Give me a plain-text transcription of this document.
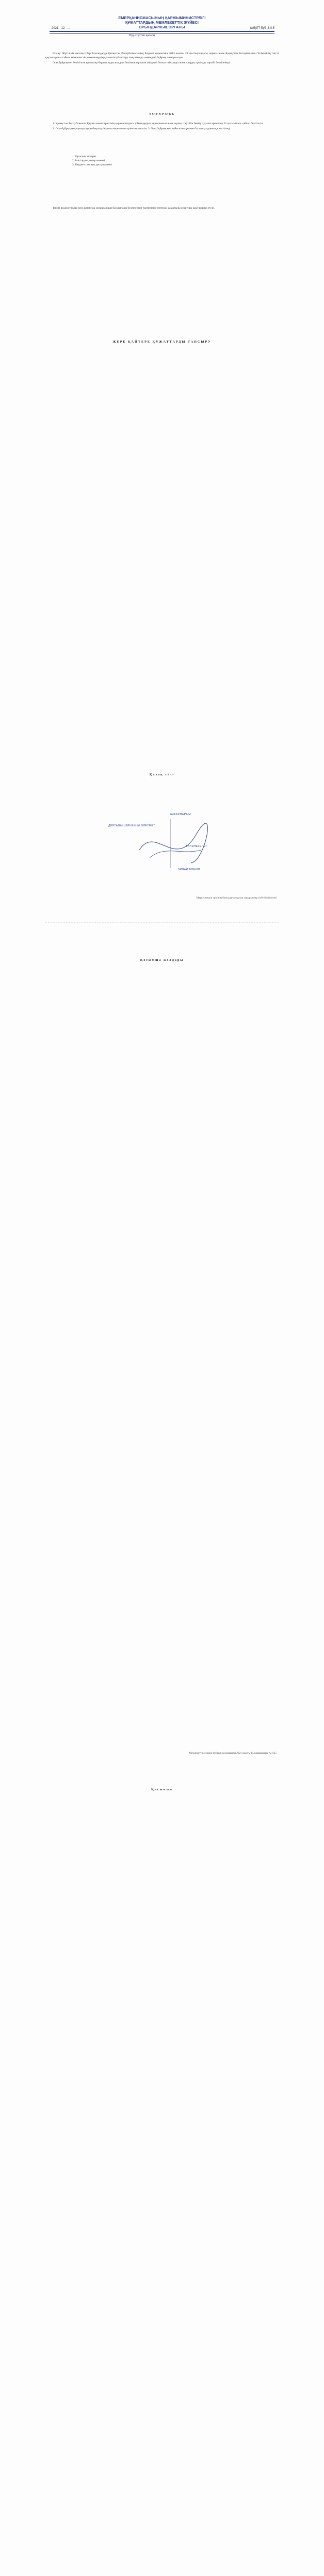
ЕМЕРҚАНИСМАСЫНЫҢ ҚАРЖЫМИНИСТРЛІГІ
ҚҰЖАТТАРДЫҢ МЕМЛЕКЕТТІК ЖҮЙЕСІ
ОРЫНДАРЛЫҚ ОРГАНЫ
2021 · 12 · ...	№5(ЛТ-5)/3-3-0.5
Нұр-Сұлтан қаласы

Шешу: Жүгіліңіз мәселесі бар болғандарда Қазақстан Республикасының Бюджет кодексінің 2013 жылғы 24 желтоқсандағы заңына және Қазақстан Республикасы Үкіметінің тиісті қаулыларына сәйкес мемлекеттік мекемелердің қызметін үйлестіру мақсатында төмендегі бұйрық шығарылады.

Осы бұйрықпен бекітілген ережелер барлық құрылымдық бөлімшелер үшін міндетті болып табылады және оларды орындау тәртібі белгіленеді.

ТОТҰРОВЕ

1. Қазақстан Республикасы Қаржы министрлігінің қарамағындағы ұйымдардың құрылымын және жұмыс тәртібін бекіту туралы ережелер 11 қосымшаға сәйкес бекітілсін.

2. Осы бұйрықтың орындалуын бақылау Қаржы вице-министріне жүктелсін. 3. Осы бұйрық қол қойылған күнінен бастап қолданысқа енгізіледі.

1. Орталық аппарат
2. Ішкі аудит департаменті
3. Бюджет саясаты департаменті

Тиісті ведомстволар мен аумақтық органдардың басшылары белгіленген тәртіппен есептерді уақытылы ұсынуды қамтамасыз етсін.

ЖЕРЕ ҚАЙТЕРЕ ҚҰЖАТТАРДЫ ТАПСЫРУ
Қазақ тілі
ДЕРТАЛЫҢ ЕРНЕЙНИ ӘЛЕУМЕТ
№ЖАРНАРЫМ
ТӘЛЕНЕКЕЛЕТ
ЗИНАЙ ВӘЕКІН
Маркестендік өрісінің бағылдағы оқулар тақырыптар тізбе бекітілгені
Қосымша жолдары
Мемлекеттік өзіндік бұйрық қосымшасы 2021 жылғы 15 қарашадағы №1125
Қосымша
